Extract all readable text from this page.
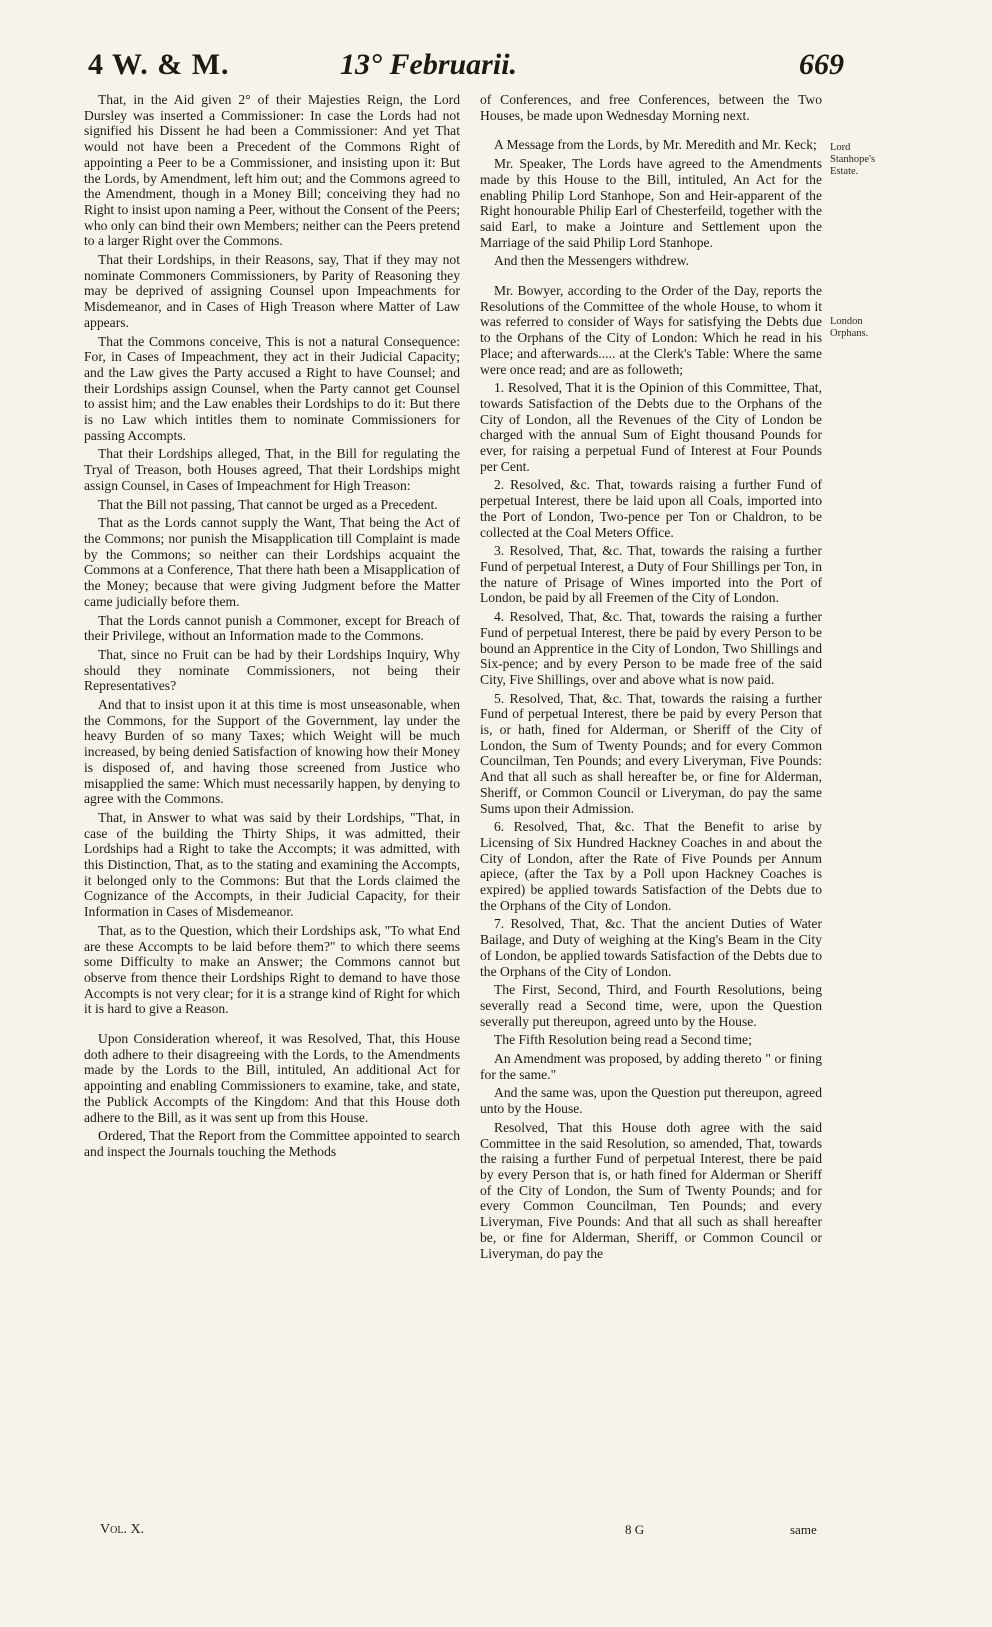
4 W. & M.	13° Februarii.	669

That, in the Aid given 2° of their Majesties Reign, the Lord Dursley was inserted a Commissioner: In case the Lords had not signified his Dissent he had been a Commissioner: And yet That would not have been a Precedent of the Commons Right of appointing a Peer to be a Commissioner, and insisting upon it: But the Lords, by Amendment, left him out; and the Commons agreed to the Amendment, though in a Money Bill; conceiving they had no Right to insist upon naming a Peer, without the Consent of the Peers; who only can bind their own Members; neither can the Peers pretend to a larger Right over the Commons.

That their Lordships, in their Reasons, say, That if they may not nominate Commoners Commissioners, by Parity of Reasoning they may be deprived of assigning Counsel upon Impeachments for Misdemeanor, and in Cases of High Treason where Matter of Law appears.

That the Commons conceive, This is not a natural Consequence: For, in Cases of Impeachment, they act in their Judicial Capacity; and the Law gives the Party accused a Right to have Counsel; and their Lordships assign Counsel, when the Party cannot get Counsel to assist him; and the Law enables their Lordships to do it: But there is no Law which intitles them to nominate Commissioners for passing Accompts.

That their Lordships alleged, That, in the Bill for regulating the Tryal of Treason, both Houses agreed, That their Lordships might assign Counsel, in Cases of Impeachment for High Treason:

That the Bill not passing, That cannot be urged as a Precedent.

That as the Lords cannot supply the Want, That being the Act of the Commons; nor punish the Misapplication till Complaint is made by the Commons; so neither can their Lordships acquaint the Commons at a Conference, That there hath been a Misapplication of the Money; because that were giving Judgment before the Matter came judicially before them.

That the Lords cannot punish a Commoner, except for Breach of their Privilege, without an Information made to the Commons.

That, since no Fruit can be had by their Lordships Inquiry, Why should they nominate Commissioners, not being their Representatives?

And that to insist upon it at this time is most unseasonable, when the Commons, for the Support of the Government, lay under the heavy Burden of so many Taxes; which Weight will be much increased, by being denied Satisfaction of knowing how their Money is disposed of, and having those screened from Justice who misapplied the same: Which must necessarily happen, by denying to agree with the Commons.

That, in Answer to what was said by their Lordships, "That, in case of the building the Thirty Ships, it was admitted, their Lordships had a Right to take the Accompts; it was admitted, with this Distinction, That, as to the stating and examining the Accompts, it belonged only to the Commons: But that the Lords claimed the Cognizance of the Accompts, in their Judicial Capacity, for their Information in Cases of Misdemeanor.

That, as to the Question, which their Lordships ask, "To what End are these Accompts to be laid before them?" to which there seems some Difficulty to make an Answer; the Commons cannot but observe from thence their Lordships Right to demand to have those Accompts is not very clear; for it is a strange kind of Right for which it is hard to give a Reason.

Upon Consideration whereof, it was Resolved, That, this House doth adhere to their disagreeing with the Lords, to the Amendments made by the Lords to the Bill, intituled, An additional Act for appointing and enabling Commissioners to examine, take, and state, the Publick Accompts of the Kingdom: And that this House doth adhere to the Bill, as it was sent up from this House.

Ordered, That the Report from the Committee appointed to search and inspect the Journals touching the Methods

of Conferences, and free Conferences, between the Two Houses, be made upon Wednesday Morning next.

A Message from the Lords, by Mr. Meredith and Mr. Keck;

Mr. Speaker, The Lords have agreed to the Amendments made by this House to the Bill, intituled, An Act for the enabling Philip Lord Stanhope, Son and Heir-apparent of the Right honourable Philip Earl of Chesterfeild, together with the said Earl, to make a Jointure and Settlement upon the Marriage of the said Philip Lord Stanhope.

And then the Messengers withdrew.

Mr. Bowyer, according to the Order of the Day, reports the Resolutions of the Committee of the whole House, to whom it was referred to consider of Ways for satisfying the Debts due to the Orphans of the City of London: Which he read in his Place; and afterwards..... at the Clerk's Table: Where the same were once read; and are as followeth;

1. Resolved, That it is the Opinion of this Committee, That, towards Satisfaction of the Debts due to the Orphans of the City of London, all the Revenues of the City of London be charged with the annual Sum of Eight thousand Pounds for ever, for raising a perpetual Fund of Interest at Four Pounds per Cent.

2. Resolved, &c. That, towards raising a further Fund of perpetual Interest, there be laid upon all Coals, imported into the Port of London, Two-pence per Ton or Chaldron, to be collected at the Coal Meters Office.

3. Resolved, That, &c. That, towards the raising a further Fund of perpetual Interest, a Duty of Four Shillings per Ton, in the nature of Prisage of Wines imported into the Port of London, be paid by all Freemen of the City of London.

4. Resolved, That, &c. That, towards the raising a further Fund of perpetual Interest, there be paid by every Person to be bound an Apprentice in the City of London, Two Shillings and Six-pence; and by every Person to be made free of the said City, Five Shillings, over and above what is now paid.

5. Resolved, That, &c. That, towards the raising a further Fund of perpetual Interest, there be paid by every Person that is, or hath, fined for Alderman, or Sheriff of the City of London, the Sum of Twenty Pounds; and for every Common Councilman, Ten Pounds; and every Liveryman, Five Pounds: And that all such as shall hereafter be, or fine for Alderman, Sheriff, or Common Council or Liveryman, do pay the same Sums upon their Admission.

6. Resolved, That, &c. That the Benefit to arise by Licensing of Six Hundred Hackney Coaches in and about the City of London, after the Rate of Five Pounds per Annum apiece, (after the Tax by a Poll upon Hackney Coaches is expired) be applied towards Satisfaction of the Debts due to the Orphans of the City of London.

7. Resolved, That, &c. That the ancient Duties of Water Bailage, and Duty of weighing at the King's Beam in the City of London, be applied towards Satisfaction of the Debts due to the Orphans of the City of London.

The First, Second, Third, and Fourth Resolutions, being severally read a Second time, were, upon the Question severally put thereupon, agreed unto by the House.

The Fifth Resolution being read a Second time;

An Amendment was proposed, by adding thereto " or fining for the same."

And the same was, upon the Question put thereupon, agreed unto by the House.

Resolved, That this House doth agree with the said Committee in the said Resolution, so amended, That, towards the raising a further Fund of perpetual Interest, there be paid by every Person that is, or hath fined for Alderman or Sheriff of the City of London, the Sum of Twenty Pounds; and for every Common Councilman, Ten Pounds; and every Liveryman, Five Pounds: And that all such as shall hereafter be, or fine for Alderman, Sheriff, or Common Council or Liveryman, do pay the

Lord Stanhope's Estate.
London Orphans.
Vol. X.	8 G	same
